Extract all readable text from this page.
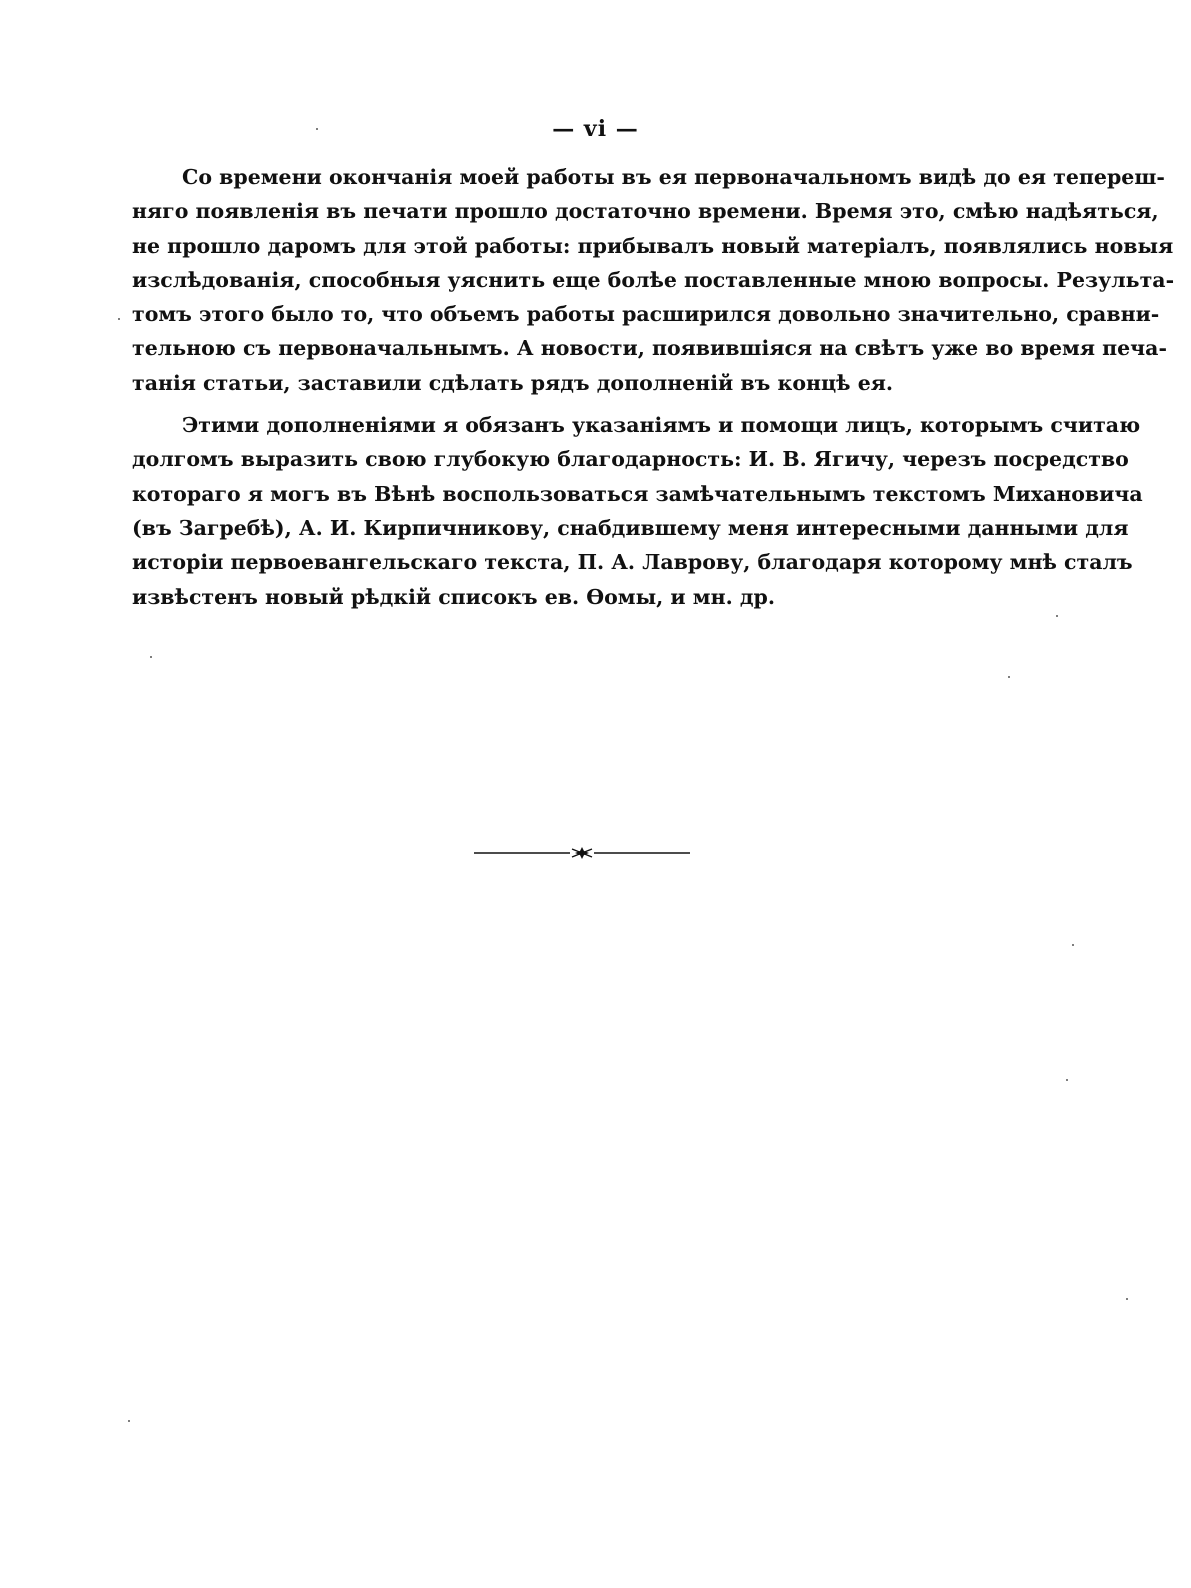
— vi —
Со времени окончанія моей работы въ ея первоначальномъ видѣ до ея теперeш-
няго появленія въ печати прошло достаточно времени. Время это, смѣю надѣяться,
не прошло даромъ для этой работы: прибывалъ новый матеріалъ, появлялись новыя
изслѣдованія, способныя уяснить еще болѣе поставленные мною вопросы. Результа-
томъ этого было то, что объемъ работы расширился довольно значительно, сравни-
тельною съ первоначальнымъ. А новости, появившіяся на свѣтъ уже во время печа-
танія статьи, заставили сдѣлать рядъ дополненій въ концѣ ея.
Этими дополненіями я обязанъ указаніямъ и помощи лицъ, которымъ считаю
долгомъ выразить свою глубокую благодарность: И. В. Ягичу, черезъ посредство
котораго я могъ въ Вѣнѣ воспользоваться замѣчательнымъ текстомъ Михановича
(въ Загребѣ), А. И. Кирпичникову, снабдившему меня интересными данными для
исторіи первоевангельскаго текста, П. А. Лаврову, благодаря которому мнѣ сталъ
извѣстенъ новый рѣдкій списокъ ев. Ѳомы, и мн. др.
